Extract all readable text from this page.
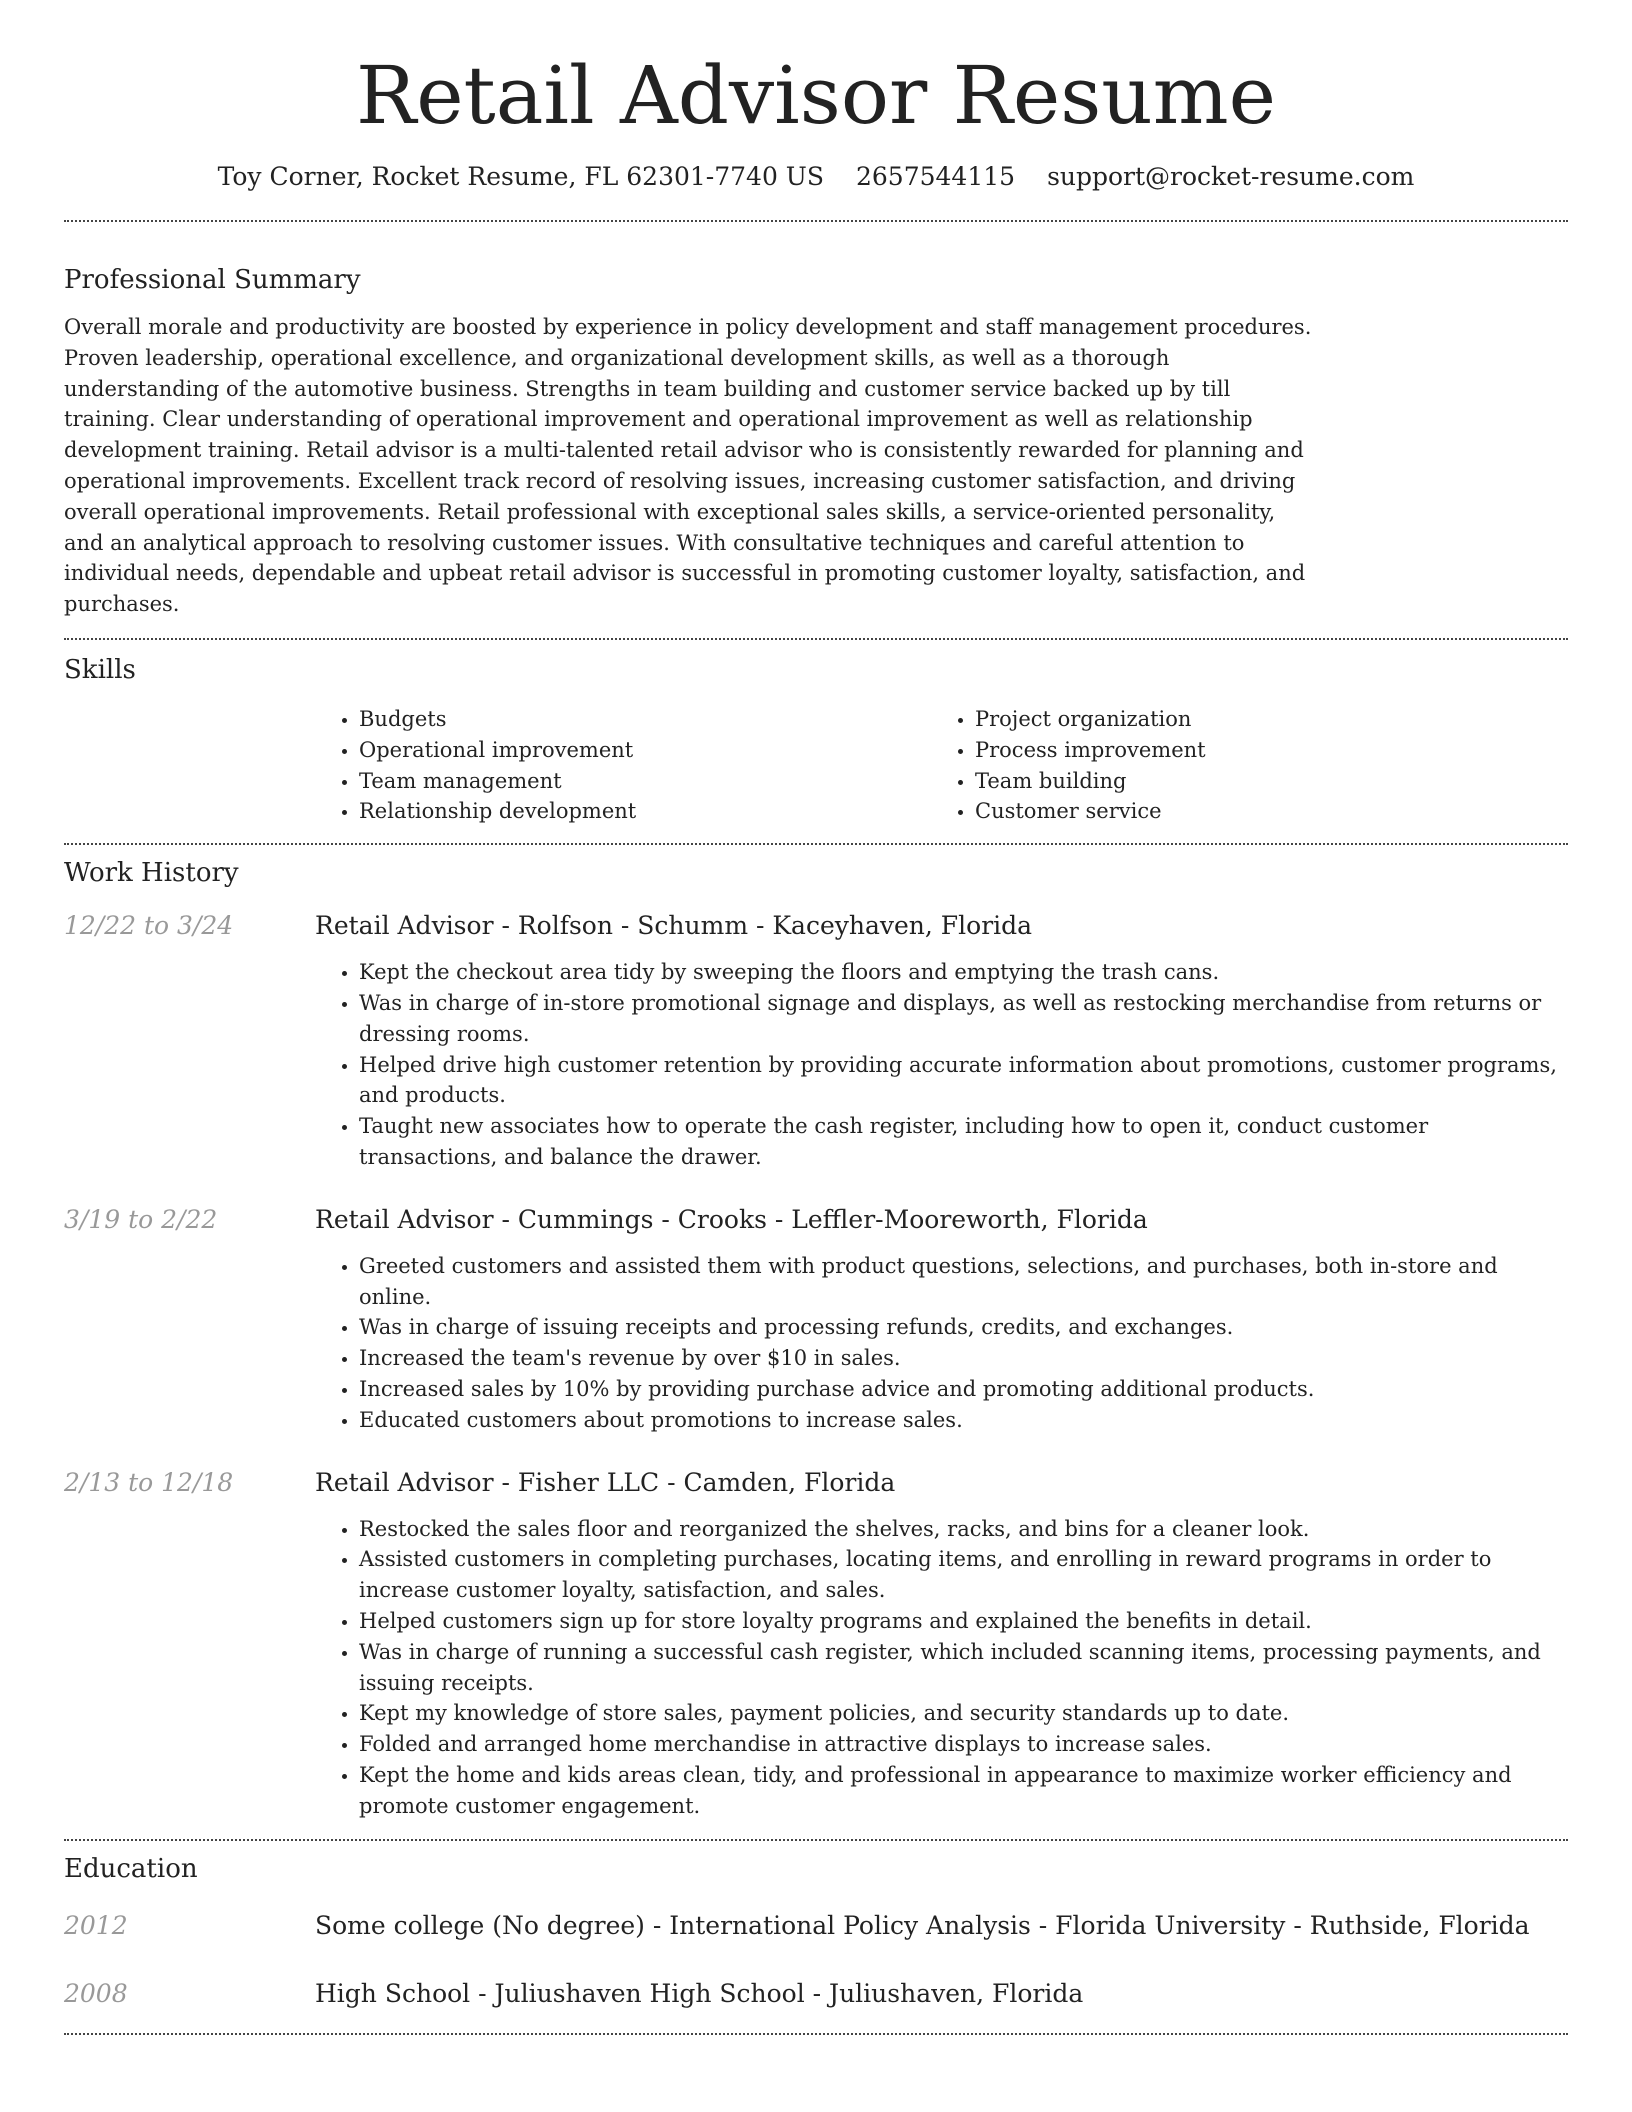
Retail Advisor Resume
Toy Corner, Rocket Resume, FL 62301-7740 US 2657544115 support@rocket-resume.com
Professional Summary

Overall morale and productivity are boosted by experience in policy development and staff management procedures. Proven leadership, operational excellence, and organizational development skills, as well as a thorough understanding of the automotive business. Strengths in team building and customer service backed up by till training. Clear understanding of operational improvement and operational improvement as well as relationship development training. Retail advisor is a multi-talented retail advisor who is consistently rewarded for planning and operational improvements. Excellent track record of resolving issues, increasing customer satisfaction, and driving overall operational improvements. Retail professional with exceptional sales skills, a service-oriented personality, and an analytical approach to resolving customer issues. With consultative techniques and careful attention to individual needs, dependable and upbeat retail advisor is successful in promoting customer loyalty, satisfaction, and purchases.

Skills
• Budgets
• Operational improvement
• Team management
• Relationship development
• Project organization
• Process improvement
• Team building
• Customer service
Work History
12/22 to 3/24	Retail Advisor - Rolfson - Schumm - Kaceyhaven, Florida
• Kept the checkout area tidy by sweeping the floors and emptying the trash cans.
• Was in charge of in-store promotional signage and displays, as well as restocking merchandise from returns or dressing rooms.
• Helped drive high customer retention by providing accurate information about promotions, customer programs, and products.
• Taught new associates how to operate the cash register, including how to open it, conduct customer transactions, and balance the drawer.
3/19 to 2/22	Retail Advisor - Cummings - Crooks - Leffler-Mooreworth, Florida
• Greeted customers and assisted them with product questions, selections, and purchases, both in-store and online.
• Was in charge of issuing receipts and processing refunds, credits, and exchanges.
• Increased the team's revenue by over $10 in sales.
• Increased sales by 10% by providing purchase advice and promoting additional products.
• Educated customers about promotions to increase sales.
2/13 to 12/18	Retail Advisor - Fisher LLC - Camden, Florida
• Restocked the sales floor and reorganized the shelves, racks, and bins for a cleaner look.
• Assisted customers in completing purchases, locating items, and enrolling in reward programs in order to increase customer loyalty, satisfaction, and sales.
• Helped customers sign up for store loyalty programs and explained the benefits in detail.
• Was in charge of running a successful cash register, which included scanning items, processing payments, and issuing receipts.
• Kept my knowledge of store sales, payment policies, and security standards up to date.
• Folded and arranged home merchandise in attractive displays to increase sales.
• Kept the home and kids areas clean, tidy, and professional in appearance to maximize worker efficiency and promote customer engagement.
Education
2012	Some college (No degree) - International Policy Analysis - Florida University - Ruthside, Florida
2008	High School - Juliushaven High School - Juliushaven, Florida
